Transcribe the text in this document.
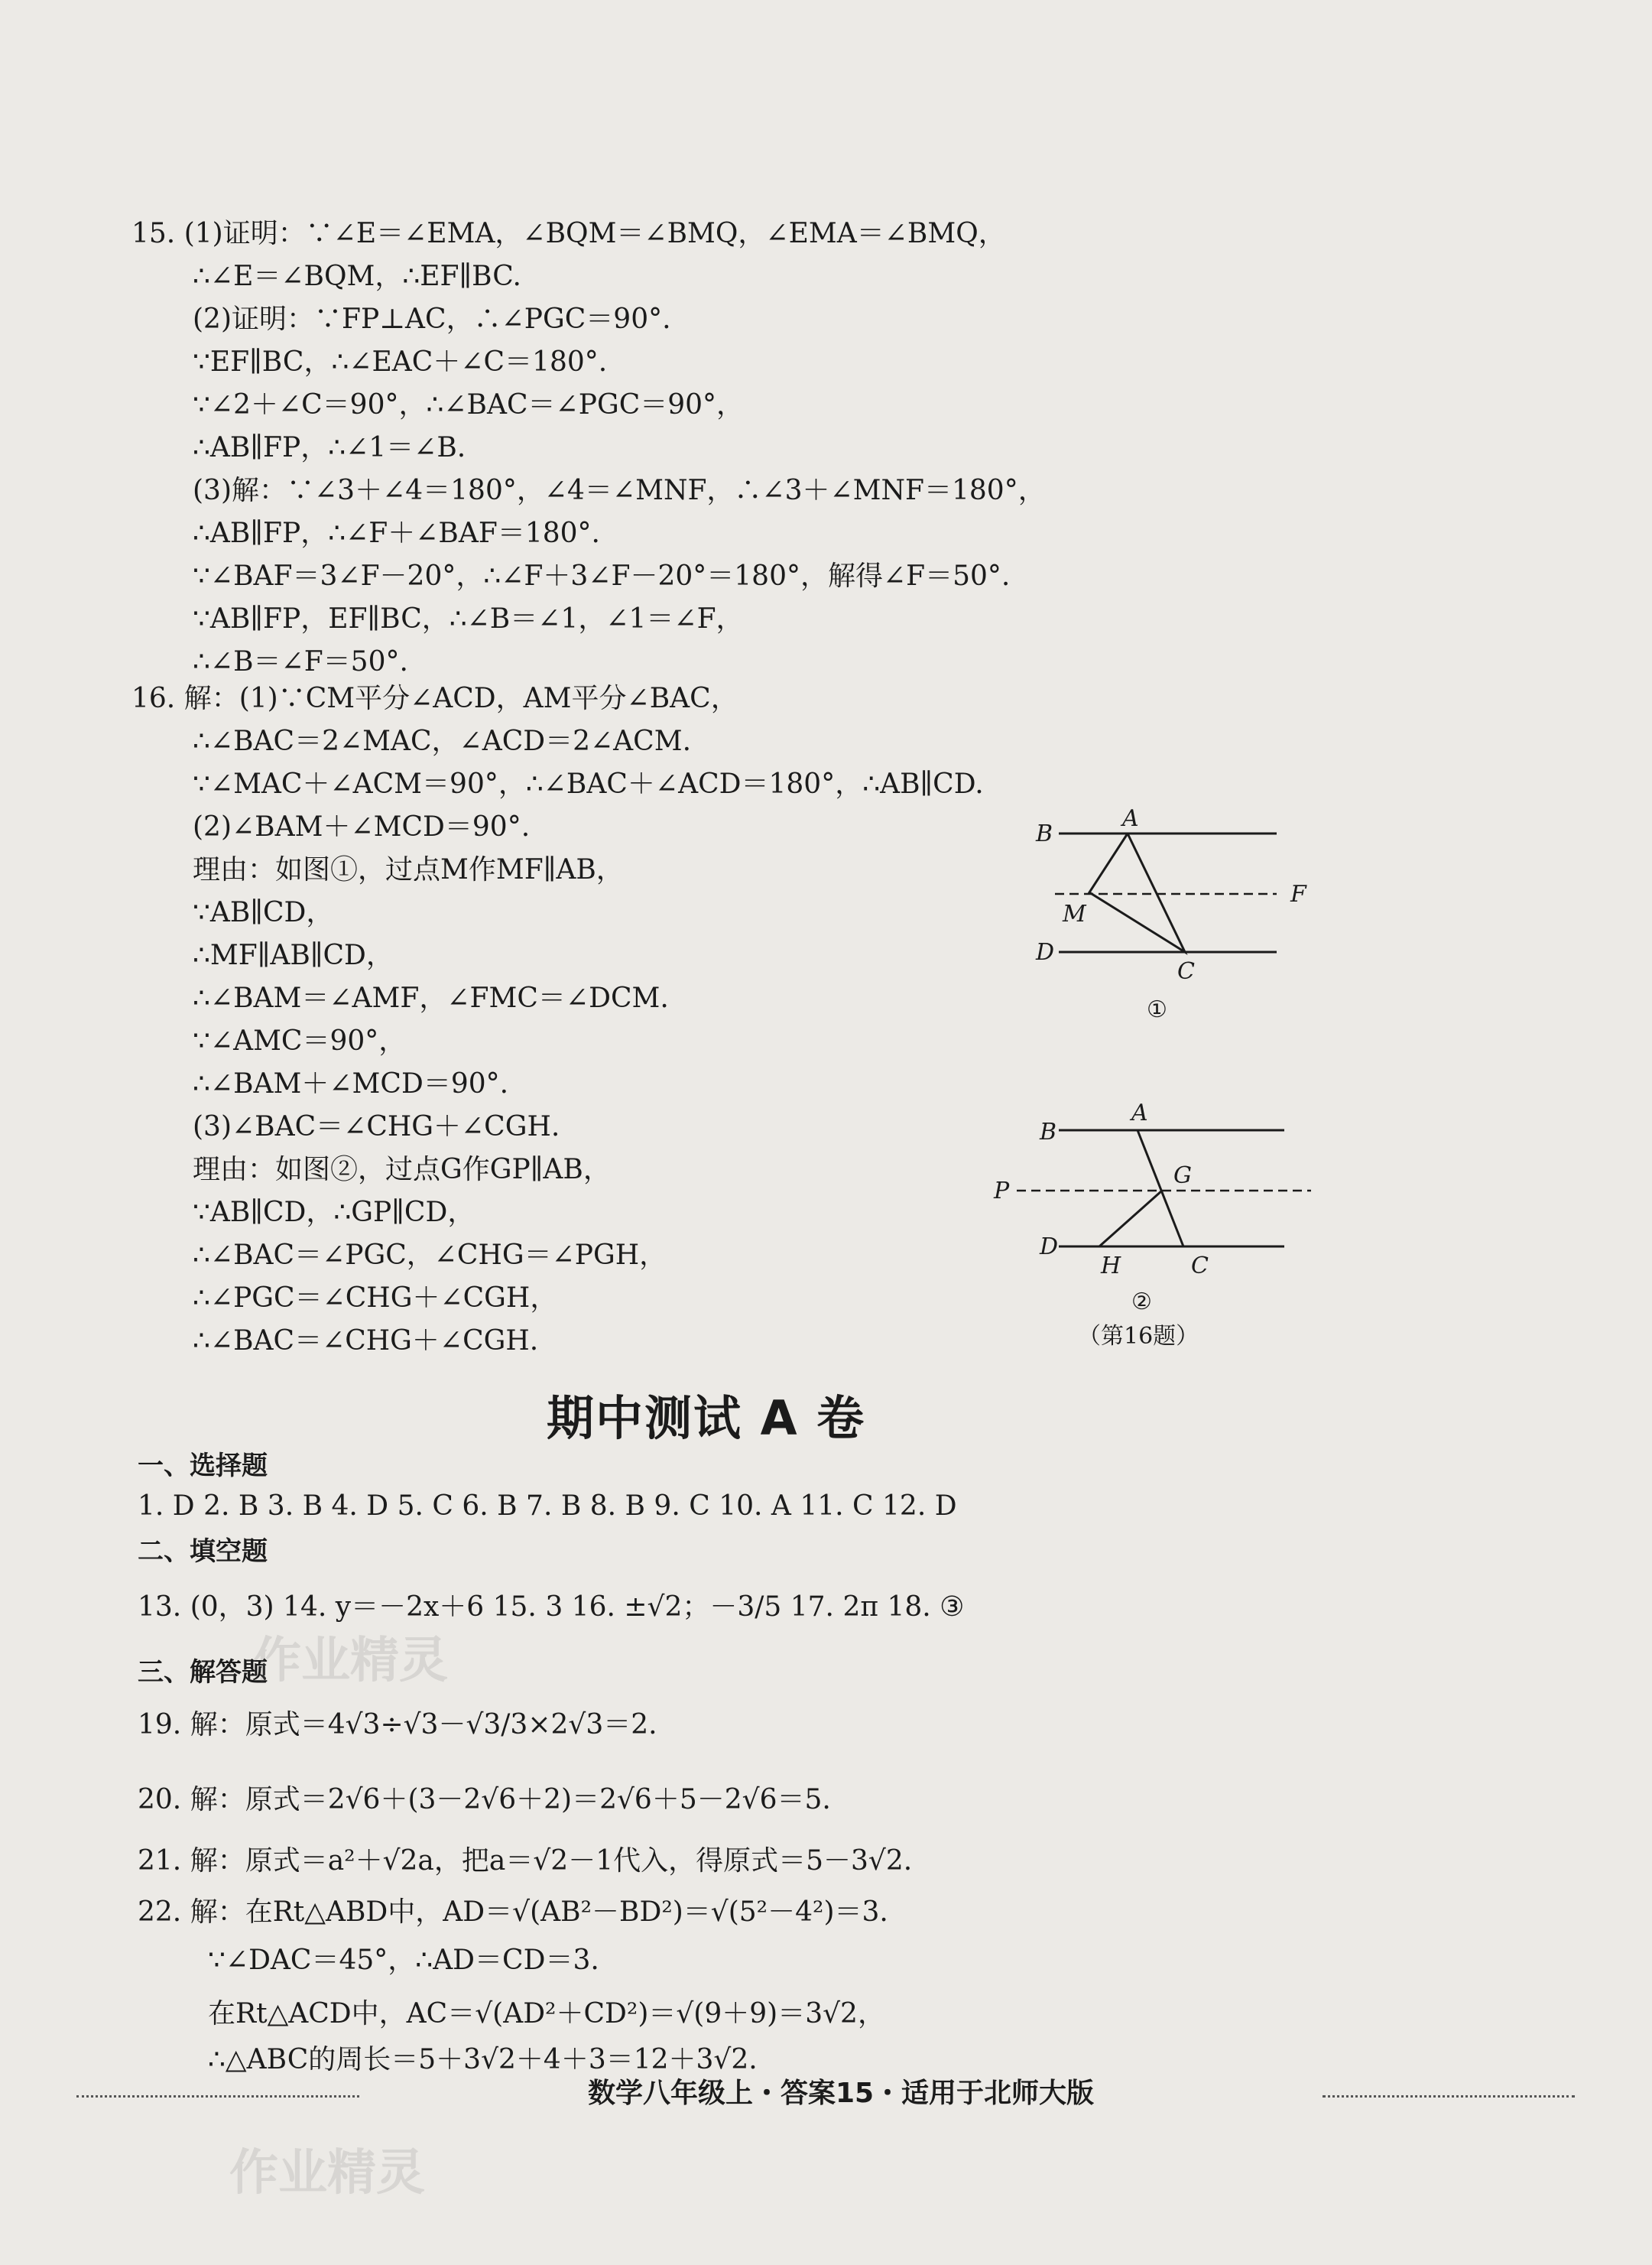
15. (1)证明：∵∠E＝∠EMA，∠BQM＝∠BMQ，∠EMA＝∠BMQ，
∴∠E＝∠BQM，∴EF∥BC.
(2)证明：∵FP⊥AC，∴∠PGC＝90°.
∵EF∥BC，∴∠EAC＋∠C＝180°.
∵∠2＋∠C＝90°，∴∠BAC＝∠PGC＝90°，
∴AB∥FP，∴∠1＝∠B.
(3)解：∵∠3＋∠4＝180°，∠4＝∠MNF，∴∠3＋∠MNF＝180°，
∴AB∥FP，∴∠F＋∠BAF＝180°.
∵∠BAF＝3∠F－20°，∴∠F＋3∠F－20°＝180°，解得∠F＝50°.
∵AB∥FP，EF∥BC，∴∠B＝∠1，∠1＝∠F，
∴∠B＝∠F＝50°.
16. 解：(1)∵CM平分∠ACD，AM平分∠BAC，
∴∠BAC＝2∠MAC，∠ACD＝2∠ACM.
∵∠MAC＋∠ACM＝90°，∴∠BAC＋∠ACD＝180°，∴AB∥CD.
(2)∠BAM＋∠MCD＝90°.
理由：如图①，过点M作MF∥AB，
∵AB∥CD，
∴MF∥AB∥CD，
∴∠BAM＝∠AMF，∠FMC＝∠DCM.
∵∠AMC＝90°，
∴∠BAM＋∠MCD＝90°.
(3)∠BAC＝∠CHG＋∠CGH.
理由：如图②，过点G作GP∥AB，
∵AB∥CD，∴GP∥CD，
∴∠BAC＝∠PGC，∠CHG＝∠PGH，
∴∠PGC＝∠CHG＋∠CGH，
∴∠BAC＝∠CHG＋∠CGH.
B
A
M
F
D
C
①
B
A
P
G
D
H	C
②
（第16题）
期中测试 A 卷
一、选择题
1. D 2. B 3. B 4. D 5. C 6. B 7. B 8. B 9. C 10. A 11. C 12. D
二、填空题
13. (0，3) 14. y＝－2x＋6 15. 3 16. ±√2；－3/5 17. 2π 18. ③
三、解答题
19. 解：原式＝4√3÷√3－√3/3×2√3＝2.
20. 解：原式＝2√6＋(3－2√6＋2)＝2√6＋5－2√6＝5.
21. 解：原式＝a²＋√2a，把a＝√2－1代入，得原式＝5－3√2.
22. 解：在Rt△ABD中，AD＝√(AB²－BD²)＝√(5²－4²)＝3.
∵∠DAC＝45°，∴AD＝CD＝3.
在Rt△ACD中，AC＝√(AD²＋CD²)＝√(9＋9)＝3√2，
∴△ABC的周长＝5＋3√2＋4＋3＝12＋3√2.
数学八年级上・答案15・适用于北师大版
作业精灵
作业精灵
